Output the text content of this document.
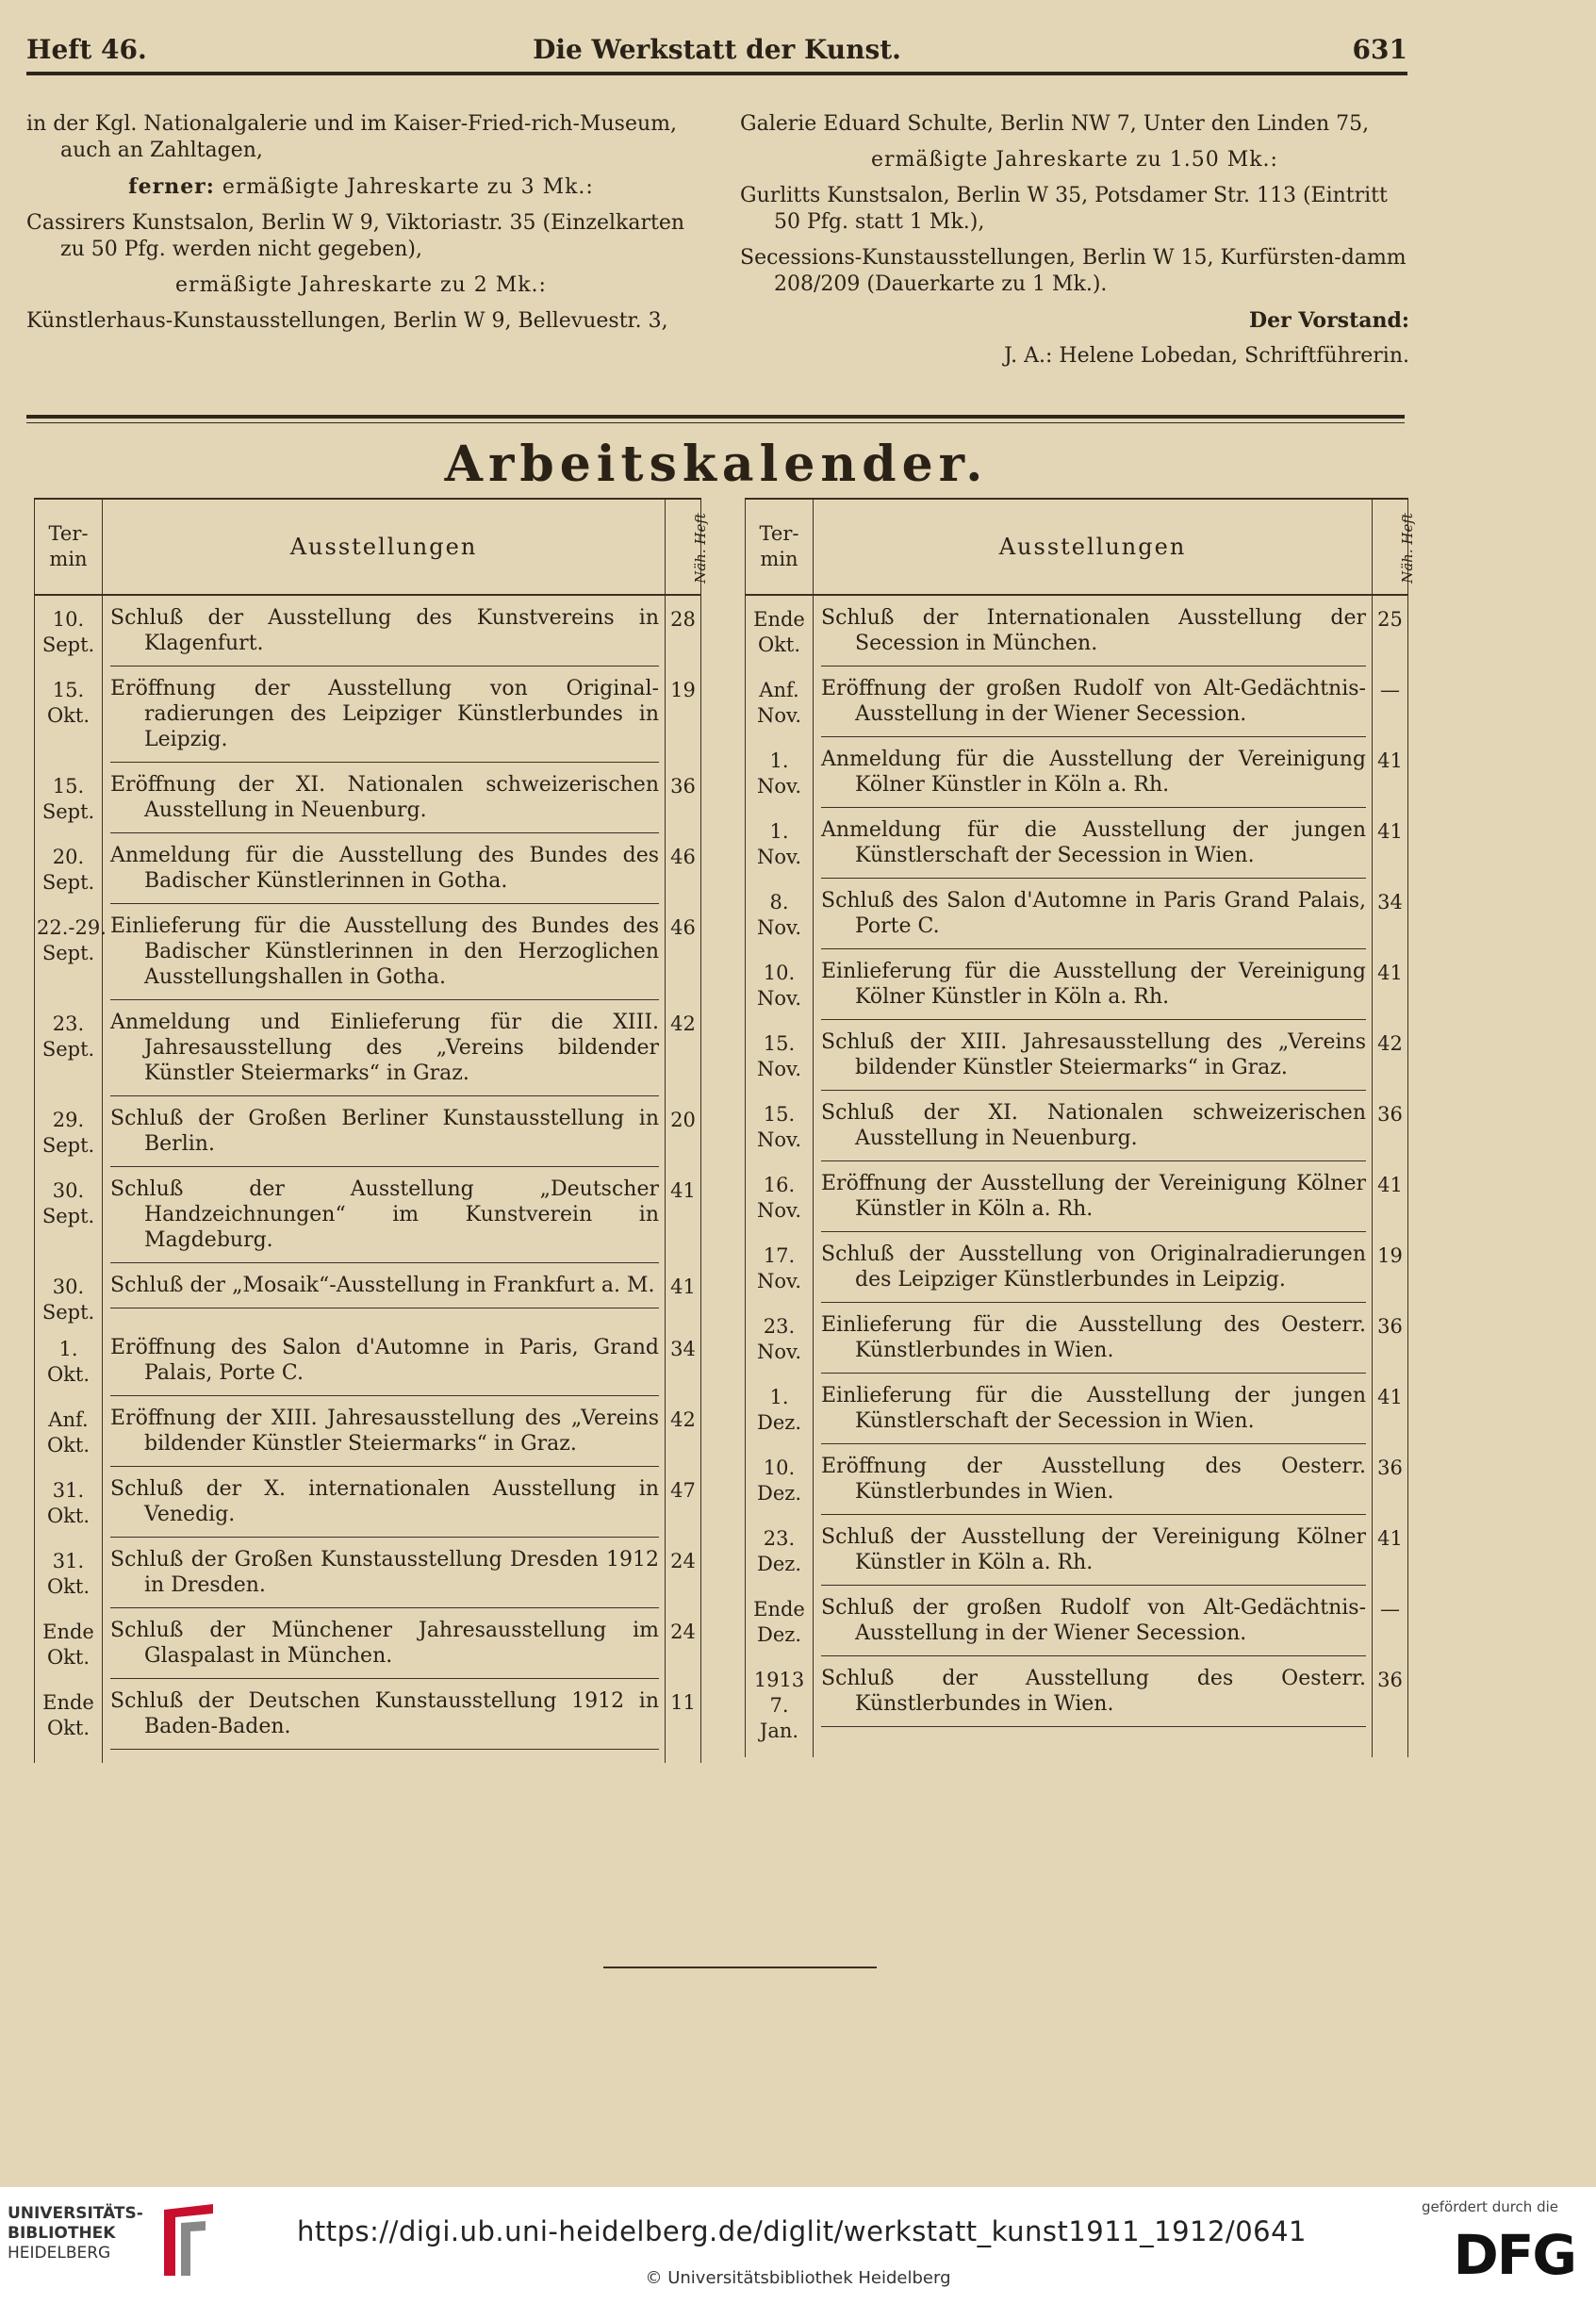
Heft 46.	Die Werkstatt der Kunst.	631

in der Kgl. Nationalgalerie und im Kaiser-Fried-rich-Museum, auch an Zahltagen,

ferner: ermäßigte Jahreskarte zu 3 Mk.:

Cassirers Kunstsalon, Berlin W 9, Viktoriastr. 35 (Einzelkarten zu 50 Pfg. werden nicht gegeben),

ermäßigte Jahreskarte zu 2 Mk.:

Künstlerhaus-Kunstausstellungen, Berlin W 9, Bellevuestr. 3,

Galerie Eduard Schulte, Berlin NW 7, Unter den Linden 75,

ermäßigte Jahreskarte zu 1.50 Mk.:

Gurlitts Kunstsalon, Berlin W 35, Potsdamer Str. 113 (Eintritt 50 Pfg. statt 1 Mk.),

Secessions-Kunstausstellungen, Berlin W 15, Kurfürsten-damm 208/209 (Dauerkarte zu 1 Mk.).

Der Vorstand:

J. A.: Helene Lobedan, Schriftführerin.

Arbeitskalender.
Ter-min	Ausstellungen	Näh. Heft
10. Sept.	Schluß der Ausstellung des Kunstvereins in Klagenfurt.	28
15. Okt.	Eröffnung der Ausstellung von Original-radierungen des Leipziger Künstlerbundes in Leipzig.	19
15. Sept.	Eröffnung der XI. Nationalen schweizerischen Ausstellung in Neuenburg.	36
20. Sept.	Anmeldung für die Ausstellung des Bundes des Badischer Künstlerinnen in Gotha.	46
22.-29. Sept.	Einlieferung für die Ausstellung des Bundes des Badischer Künstlerinnen in den Herzoglichen Ausstellungshallen in Gotha.	46
23. Sept.	Anmeldung und Einlieferung für die XIII. Jahresausstellung des „Vereins bildender Künstler Steiermarks“ in Graz.	42
29. Sept.	Schluß der Großen Berliner Kunstausstellung in Berlin.	20
30. Sept.	Schluß der Ausstellung „Deutscher Handzeichnungen“ im Kunstverein in Magdeburg.	41
30. Sept.	Schluß der „Mosaik“-Ausstellung in Frankfurt a. M.	41
1. Okt.	Eröffnung des Salon d'Automne in Paris, Grand Palais, Porte C.	34
Anf. Okt.	Eröffnung der XIII. Jahresausstellung des „Vereins bildender Künstler Steiermarks“ in Graz.	42
31. Okt.	Schluß der X. internationalen Ausstellung in Venedig.	47
31. Okt.	Schluß der Großen Kunstausstellung Dresden 1912 in Dresden.	24
Ende Okt.	Schluß der Münchener Jahresausstellung im Glaspalast in München.	24
Ende Okt.	Schluß der Deutschen Kunstausstellung 1912 in Baden-Baden.	11

Ter-min	Ausstellungen	Näh. Heft
Ende Okt.	Schluß der Internationalen Ausstellung der Secession in München.	25
Anf. Nov.	Eröffnung der großen Rudolf von Alt-Gedächtnis-Ausstellung in der Wiener Secession.	—
1. Nov.	Anmeldung für die Ausstellung der Vereinigung Kölner Künstler in Köln a. Rh.	41
1. Nov.	Anmeldung für die Ausstellung der jungen Künstlerschaft der Secession in Wien.	41
8. Nov.	Schluß des Salon d'Automne in Paris Grand Palais, Porte C.	34
10. Nov.	Einlieferung für die Ausstellung der Vereinigung Kölner Künstler in Köln a. Rh.	41
15. Nov.	Schluß der XIII. Jahresausstellung des „Vereins bildender Künstler Steiermarks“ in Graz.	42
15. Nov.	Schluß der XI. Nationalen schweizerischen Ausstellung in Neuenburg.	36
16. Nov.	Eröffnung der Ausstellung der Vereinigung Kölner Künstler in Köln a. Rh.	41
17. Nov.	Schluß der Ausstellung von Originalradierungen des Leipziger Künstlerbundes in Leipzig.	19
23. Nov.	Einlieferung für die Ausstellung des Oesterr. Künstlerbundes in Wien.	36
1. Dez.	Einlieferung für die Ausstellung der jungen Künstlerschaft der Secession in Wien.	41
10. Dez.	Eröffnung der Ausstellung des Oesterr. Künstlerbundes in Wien.	36
23. Dez.	Schluß der Ausstellung der Vereinigung Kölner Künstler in Köln a. Rh.	41
Ende Dez.	Schluß der großen Rudolf von Alt-Gedächtnis-Ausstellung in der Wiener Secession.	—
1913 7. Jan.	Schluß der Ausstellung des Oesterr. Künstlerbundes in Wien.	36

UNIVERSITÄTS-
BIBLIOTHEK
HEIDELBERG
https://digi.ub.uni-heidelberg.de/diglit/werkstatt_kunst1911_1912/0641
© Universitätsbibliothek Heidelberg
gefördert durch die
DFG
